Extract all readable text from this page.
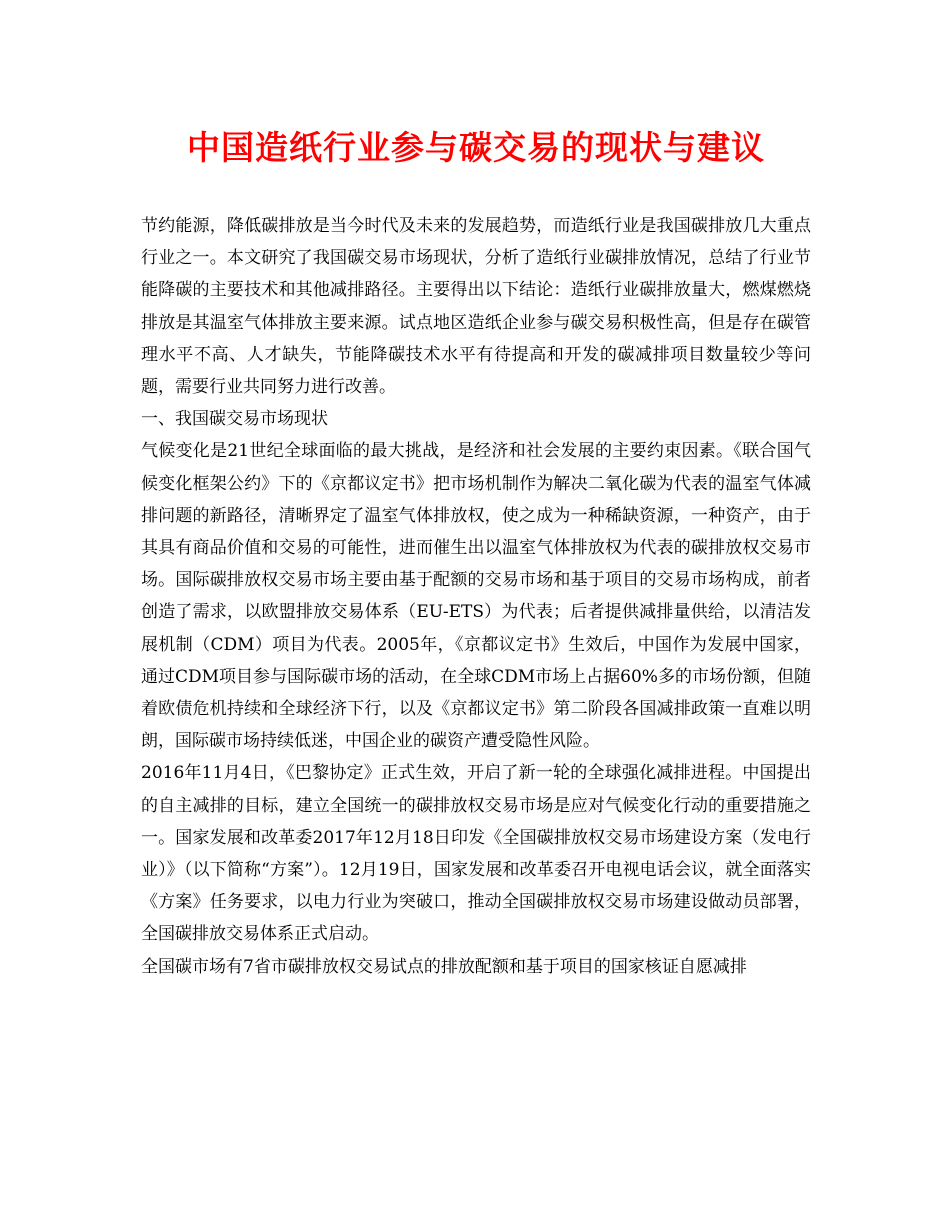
中国造纸行业参与碳交易的现状与建议

节约能源，降低碳排放是当今时代及未来的发展趋势，而造纸行业是我国碳排放几大重点行业之一。本文研究了我国碳交易市场现状，分析了造纸行业碳排放情况，总结了行业节能降碳的主要技术和其他减排路径。主要得出以下结论：造纸行业碳排放量大，燃煤燃烧排放是其温室气体排放主要来源。试点地区造纸企业参与碳交易积极性高，但是存在碳管理水平不高、人才缺失，节能降碳技术水平有待提高和开发的碳减排项目数量较少等问题，需要行业共同努力进行改善。

一、我国碳交易市场现状

气候变化是21世纪全球面临的最大挑战，是经济和社会发展的主要约束因素。《联合国气候变化框架公约》下的《京都议定书》把市场机制作为解决二氧化碳为代表的温室气体减排问题的新路径，清晰界定了温室气体排放权，使之成为一种稀缺资源，一种资产，由于其具有商品价值和交易的可能性，进而催生出以温室气体排放权为代表的碳排放权交易市场。国际碳排放权交易市场主要由基于配额的交易市场和基于项目的交易市场构成，前者创造了需求，以欧盟排放交易体系（EU-ETS）为代表；后者提供减排量供给，以清洁发展机制（CDM）项目为代表。2005年，《京都议定书》生效后，中国作为发展中国家，通过CDM项目参与国际碳市场的活动，在全球CDM市场上占据60%多的市场份额，但随着欧债危机持续和全球经济下行，以及《京都议定书》第二阶段各国减排政策一直难以明朗，国际碳市场持续低迷，中国企业的碳资产遭受隐性风险。

2016年11月4日，《巴黎协定》正式生效，开启了新一轮的全球强化减排进程。中国提出的自主减排的目标，建立全国统一的碳排放权交易市场是应对气候变化行动的重要措施之一。国家发展和改革委2017年12月18日印发《全国碳排放权交易市场建设方案（发电行业）》（以下简称“方案”）。12月19日，国家发展和改革委召开电视电话会议，就全面落实《方案》任务要求，以电力行业为突破口，推动全国碳排放权交易市场建设做动员部署，全国碳排放交易体系正式启动。

全国碳市场有7省市碳排放权交易试点的排放配额和基于项目的国家核证自愿减排
